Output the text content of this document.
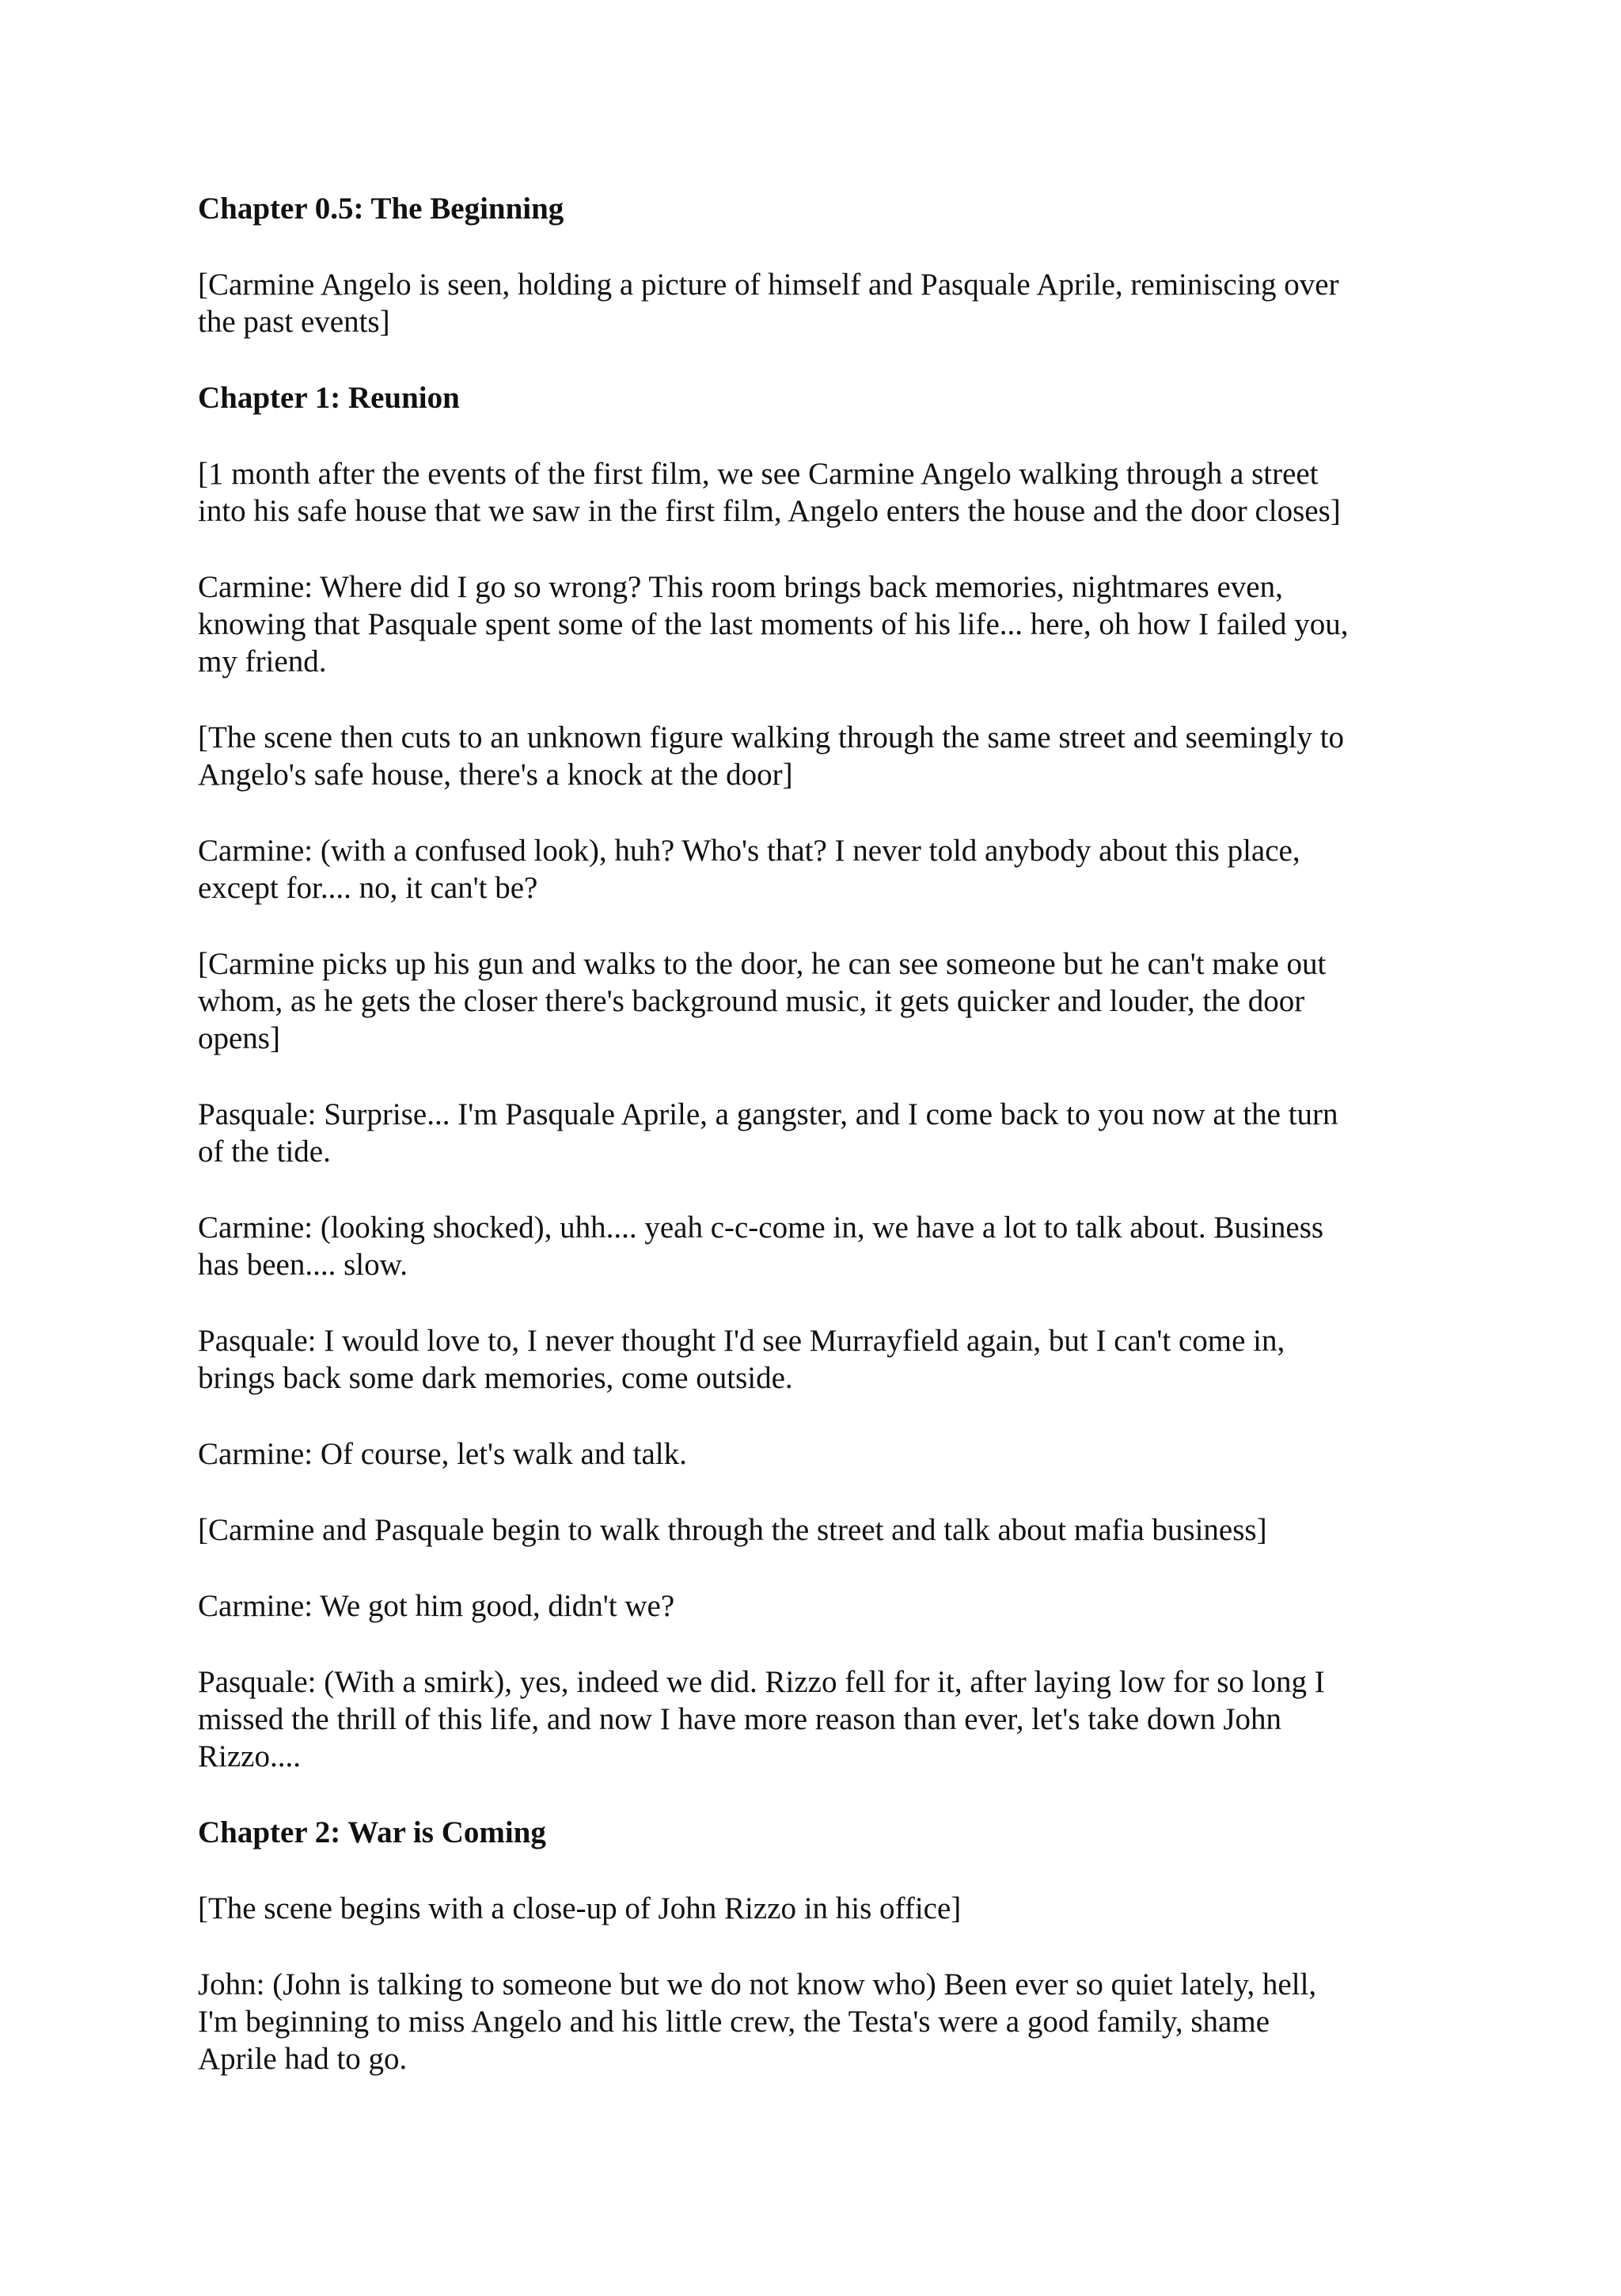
Chapter 0.5: The Beginning
[Carmine Angelo is seen, holding a picture of himself and Pasquale Aprile, reminiscing over
the past events]
Chapter 1: Reunion
[1 month after the events of the first film, we see Carmine Angelo walking through a street
into his safe house that we saw in the first film, Angelo enters the house and the door closes]
Carmine: Where did I go so wrong? This room brings back memories, nightmares even,
knowing that Pasquale spent some of the last moments of his life... here, oh how I failed you,
my friend.
[The scene then cuts to an unknown figure walking through the same street and seemingly to
Angelo's safe house, there's a knock at the door]
Carmine: (with a confused look), huh? Who's that? I never told anybody about this place,
except for.... no, it can't be?
[Carmine picks up his gun and walks to the door, he can see someone but he can't make out
whom, as he gets the closer there's background music, it gets quicker and louder, the door
opens]
Pasquale: Surprise... I'm Pasquale Aprile, a gangster, and I come back to you now at the turn
of the tide.
Carmine: (looking shocked), uhh.... yeah c-c-come in, we have a lot to talk about. Business
has been.... slow.
Pasquale: I would love to, I never thought I'd see Murrayfield again, but I can't come in,
brings back some dark memories, come outside.
Carmine: Of course, let's walk and talk.
[Carmine and Pasquale begin to walk through the street and talk about mafia business]
Carmine: We got him good, didn't we?
Pasquale: (With a smirk), yes, indeed we did. Rizzo fell for it, after laying low for so long I
missed the thrill of this life, and now I have more reason than ever, let's take down John
Rizzo....
Chapter 2: War is Coming
[The scene begins with a close-up of John Rizzo in his office]
John: (John is talking to someone but we do not know who) Been ever so quiet lately, hell,
I'm beginning to miss Angelo and his little crew, the Testa's were a good family, shame
Aprile had to go.
